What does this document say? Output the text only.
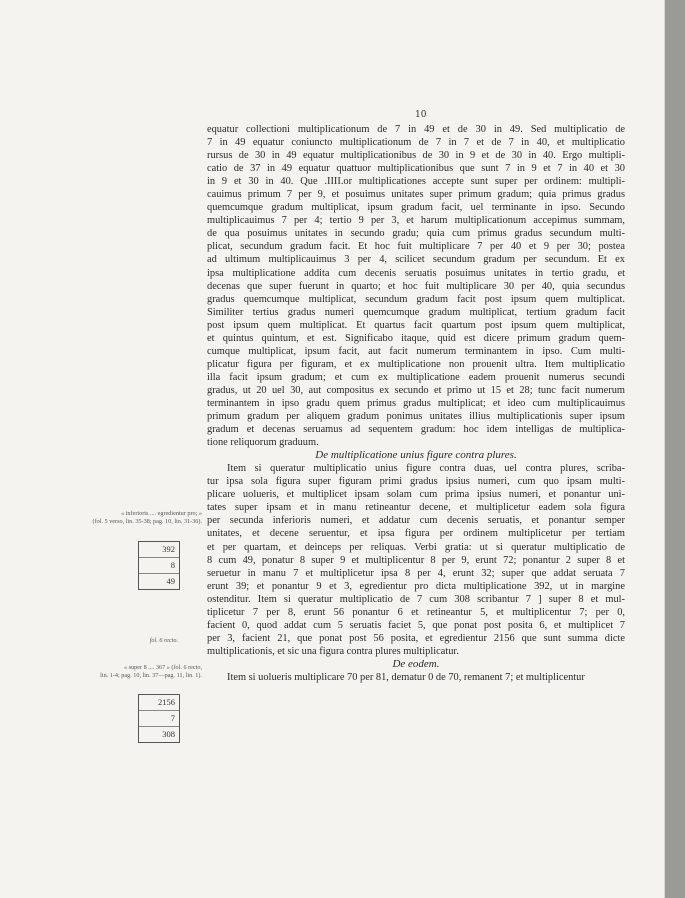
10
equatur collectioni multiplicationum de 7 in 49 et de 30 in 49. Sed multiplicatio de
7 in 49 equatur coniuncto multiplicationum de 7 in 7 et de 7 in 40, et multiplicatio
rursus de 30 in 49 equatur multiplicationibus de 30 in 9 et de 30 in 40. Ergo multipli-
catio de 37 in 49 equatur quattuor multiplicationibus que sunt 7 in 9 et 7 in 40 et 30
in 9 et 30 in 40. Que .IIII.or multiplicationes accepte sunt super per ordinem: multipli-
cauimus primum 7 per 9, et posuimus unitates super primum gradum; quia primus gradus
quemcumque gradum multiplicat, ipsum gradum facit, uel terminante in ipso. Secundo
multiplicauimus 7 per 4; tertio 9 per 3, et harum multiplicationum accepimus summam,
de qua posuimus unitates in secundo gradu; quia cum primus gradus secundum multi-
plicat, secundum gradum facit. Et hoc fuit multiplicare 7 per 40 et 9 per 30; postea
ad ultimum multiplicauimus 3 per 4, scilicet secundum gradum per secundum. Et ex
ipsa multiplicatione addita cum decenis seruatis posuimus unitates in tertio gradu, et
decenas que super fuerunt in quarto; et hoc fuit multiplicare 30 per 40, quia secundus
gradus quemcumque multiplicat, secundum gradum facit post ipsum quem multiplicat.
Similiter tertius gradus numeri quemcumque gradum multiplicat, tertium gradum facit
post ipsum quem multiplicat. Et quartus facit quartum post ipsum quem multiplicat,
et quintus quintum, et est. Significabo itaque, quid est dicere primum gradum quem-
cumque multiplicat, ipsum facit, aut facit numerum terminantem in ipso. Cum multi-
plicatur figura per figuram, et ex multiplicatione non prouenit ultra. Item multiplicatio
illa facit ipsum gradum; et cum ex multiplicatione eadem prouenit numerus secundi
gradus, ut 20 uel 30, aut compositus ex secundo et primo ut 15 et 28; tunc facit numerum
terminantem in ipso gradu quem primus gradus multiplicat; et ideo cum multiplicauimus
primum gradum per aliquem gradum ponimus unitates illius multiplicationis super ipsum
gradum et decenas seruamus ad sequentem gradum: hoc idem intelligas de multiplica-
tione reliquorum graduum.
De multiplicatione unius figure contra plures.
Item si queratur multiplicatio unius figure contra duas, uel contra plures, scriba-
tur ipsa sola figura super figuram primi gradus ipsius numeri, cum quo ipsam multi-
plicare uolueris, et multiplicet ipsam solam cum prima ipsius numeri, et ponantur uni-
tates super ipsam et in manu retineantur decene, et multiplicetur eadem sola figura
per secunda inferioris numeri, et addatur cum decenis seruatis, et ponantur semper
unitates, et decene seruentur, et ipsa figura per ordinem multiplicetur per tertiam
et per quartam, et deinceps per reliquas. Verbi gratia: ut si queratur multiplicatio de
8 cum 49, ponatur 8 super 9 et multiplicentur 8 per 9, erunt 72; ponantur 2 super 8 et
seruetur in manu 7 et multiplicetur ipsa 8 per 4, erunt 32; super que addat seruata 7
erunt 39; et ponantur 9 et 3, egredientur pro dicta multiplicatione 392, ut in margine
ostenditur. Item si queratur multiplicatio de 7 cum 308 scribantur 7 ] super 8 et mul-
tiplicetur 7 per 8, erunt 56 ponantur 6 et retineantur 5, et multiplicentur 7; per 0,
facient 0, quod addat cum 5 seruatis faciet 5, que ponat post posita 6, et multiplicet 7
per 3, facient 21, que ponat post 56 posita, et egredientur 2156 que sunt summa dicte
multiplicationis, et sic una figura contra plures multiplicatur.
De eodem.
Item si uolueris multiplicare 70 per 81, dematur 0 de 70, remanent 7; et multiplicentur
« inferioris .... egredientur pro; »
(fol. 5 verso, lin. 35-38; pag. 10, lin. 31-36).
392
8
49
fol. 6 recto.
« super 8 .... 367 » (fol. 6 recto,
lin. 1-4; pag. 10, lin. 37—pag. 11, lin. 1).
2156
7
308
